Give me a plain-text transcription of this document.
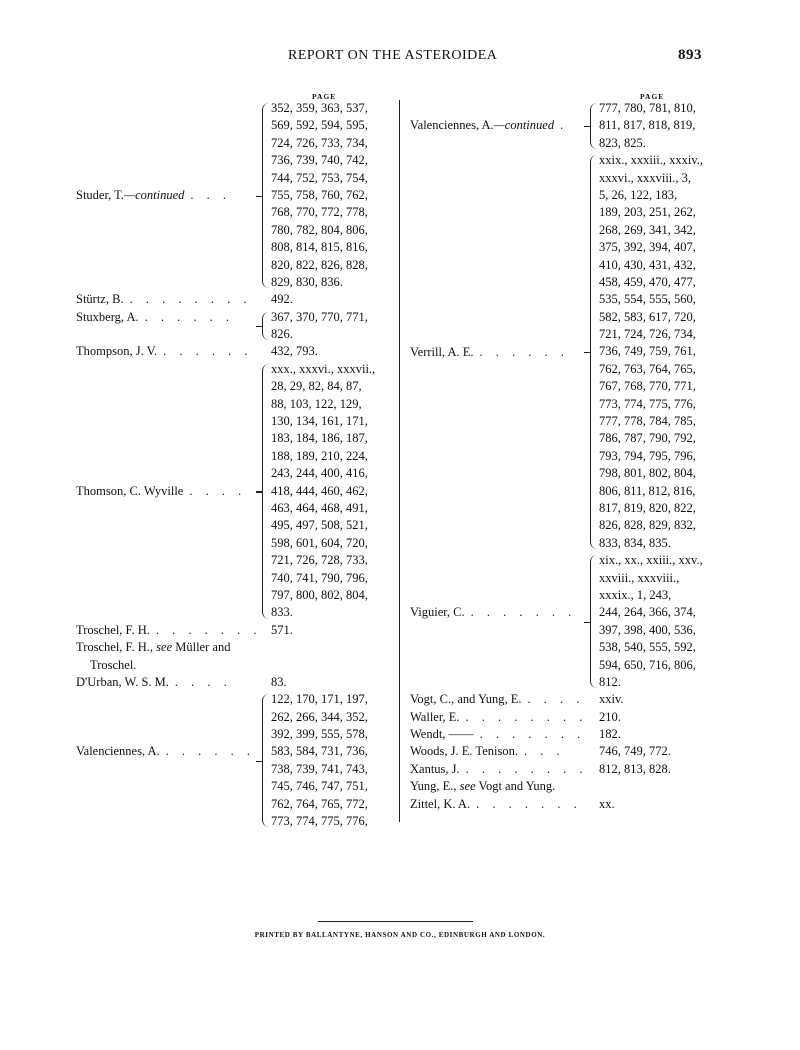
REPORT ON THE ASTEROIDEA	893
PAGE	PAGE
352, 359, 363, 537,
569, 592, 594, 595,
724, 726, 733, 734,
736, 739, 740, 742,
744, 752, 753, 754,
755, 758, 760, 762,
768, 770, 772, 778,
780, 782, 804, 806,
808, 814, 815, 816,
820, 822, 826, 828,
829, 830, 836.
Studer, T.—continued . . .
492.
Stürtz, B. . . . . . . . .
367, 370, 770, 771,
826.
Stuxberg, A. . . . . . .
432, 793.
Thompson, J. V. . . . . . .
xxx., xxxvi., xxxvii.,
28, 29, 82, 84, 87,
88, 103, 122, 129,
130, 134, 161, 171,
183, 184, 186, 187,
188, 189, 210, 224,
243, 244, 400, 416,
418, 444, 460, 462,
463, 464, 468, 491,
495, 497, 508, 521,
598, 601, 604, 720,
721, 726, 728, 733,
740, 741, 790, 796,
797, 800, 802, 804,
833.
Thomson, C. Wyville . . . .
571.
Troschel, F. H. . . . . . . .
Troschel, F. H., see Müller and
Troschel.
83.
D'Urban, W. S. M. . . . .
122, 170, 171, 197,
262, 266, 344, 352,
392, 399, 555, 578,
583, 584, 731, 736,
738, 739, 741, 743,
745, 746, 747, 751,
762, 764, 765, 772,
773, 774, 775, 776,
Valenciennes, A. . . . . . .
777, 780, 781, 810,
811, 817, 818, 819,
823, 825.
Valenciennes, A.—continued .
xxix., xxxiii., xxxiv.,
xxxvi., xxxviii., 3,
5, 26, 122, 183,
189, 203, 251, 262,
268, 269, 341, 342,
375, 392, 394, 407,
410, 430, 431, 432,
458, 459, 470, 477,
535, 554, 555, 560,
582, 583, 617, 720,
721, 724, 726, 734,
736, 749, 759, 761,
762, 763, 764, 765,
767, 768, 770, 771,
773, 774, 775, 776,
777, 778, 784, 785,
786, 787, 790, 792,
793, 794, 795, 796,
798, 801, 802, 804,
806, 811, 812, 816,
817, 819, 820, 822,
826, 828, 829, 832,
833, 834, 835.
Verrill, A. E. . . . . . .
xix., xx., xxiii., xxv.,
xxviii., xxxviii.,
xxxix., 1, 243,
244, 264, 366, 374,
397, 398, 400, 536,
538, 540, 555, 592,
594, 650, 716, 806,
812.
Viguier, C. . . . . . . .
xxiv.
Vogt, C., and Yung, E. . . . .
210.
Waller, E. . . . . . . . .
182.
Wendt, —— . . . . . . .
746, 749, 772.
Woods, J. E. Tenison. . . .
812, 813, 828.
Xantus, J. . . . . . . . .
Yung, E., see Vogt and Yung.
xx.
Zittel, K. A. . . . . . . .
PRINTED BY BALLANTYNE, HANSON AND CO., EDINBURGH AND LONDON.
